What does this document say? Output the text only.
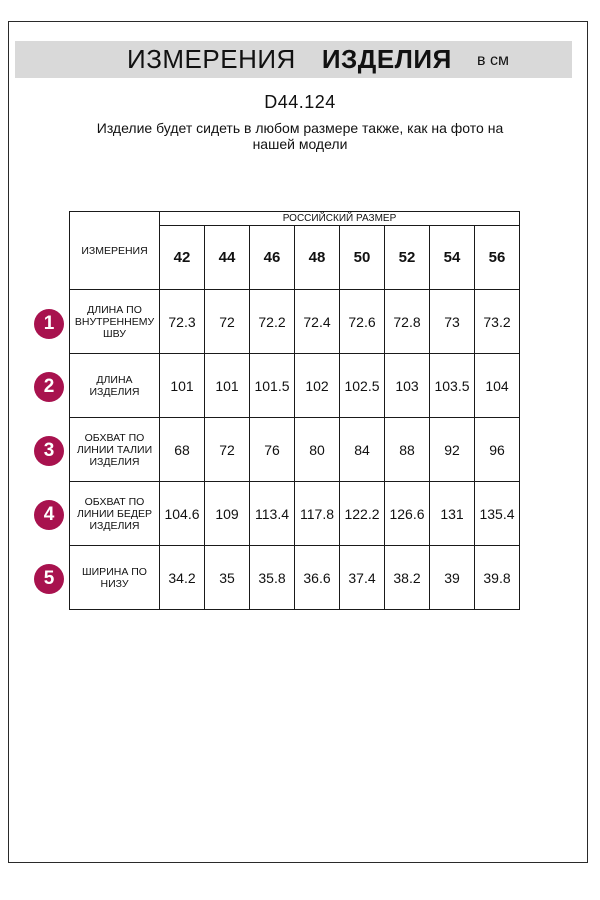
ИЗМЕРЕНИЯ ИЗДЕЛИЯ в см
D44.124
Изделие будет сидеть в любом размере также, как на фото на нашей модели
ИЗМЕРЕНИЯ	РОССИЙСКИЙ РАЗМЕР							
	42	44	46	48	50	52	54	56
ДЛИНА ПО ВНУТРЕННЕМУ ШВУ	72.3	72	72.2	72.4	72.6	72.8	73	73.2
ДЛИНА ИЗДЕЛИЯ	101	101	101.5	102	102.5	103	103.5	104
ОБХВАТ ПО ЛИНИИ ТАЛИИ ИЗДЕЛИЯ	68	72	76	80	84	88	92	96
ОБХВАТ ПО ЛИНИИ БЕДЕР ИЗДЕЛИЯ	104.6	109	113.4	117.8	122.2	126.6	131	135.4
ШИРИНА ПО НИЗУ	34.2	35	35.8	36.6	37.4	38.2	39	39.8
1
2
3
4
5
